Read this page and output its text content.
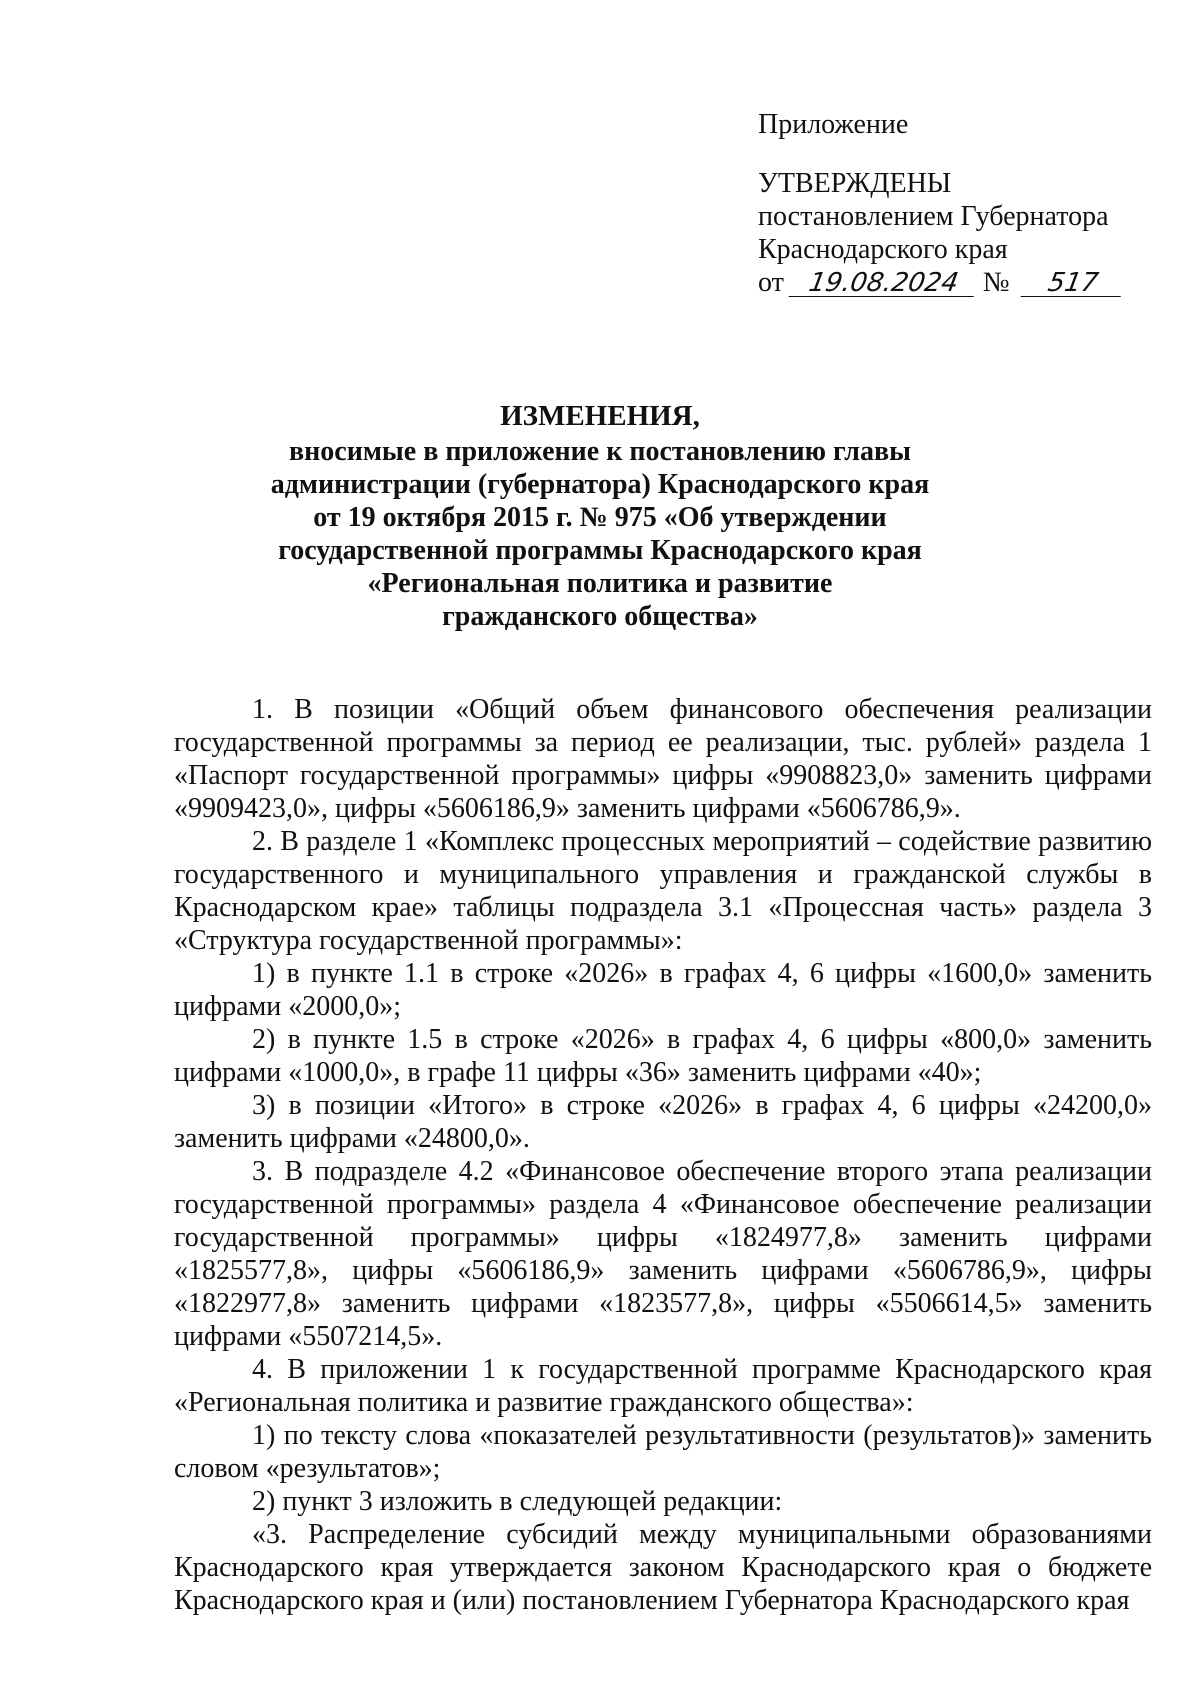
Приложение
УТВЕРЖДЕНЫ
постановлением Губернатора
Краснодарского края
от 19.08.2024 № 517
ИЗМЕНЕНИЯ,
вносимые в приложение к постановлению главы
администрации (губернатора) Краснодарского края
от 19 октября 2015 г. № 975 «Об утверждении
государственной программы Краснодарского края
«Региональная политика и развитие
гражданского общества»

1. В позиции «Общий объем финансового обеспечения реализации государственной программы за период ее реализации, тыс. рублей» раздела 1 «Паспорт государственной программы» цифры «9908823,0» заменить цифрами «9909423,0», цифры «5606186,9» заменить цифрами «5606786,9».

2. В разделе 1 «Комплекс процессных мероприятий – содействие развитию государственного и муниципального управления и гражданской службы в Краснодарском крае» таблицы подраздела 3.1 «Процессная часть» раздела 3 «Структура государственной программы»:

1) в пункте 1.1 в строке «2026» в графах 4, 6 цифры «1600,0» заменить цифрами «2000,0»;

2) в пункте 1.5 в строке «2026» в графах 4, 6 цифры «800,0» заменить цифрами «1000,0», в графе 11 цифры «36» заменить цифрами «40»;

3) в позиции «Итого» в строке «2026» в графах 4, 6 цифры «24200,0» заменить цифрами «24800,0».

3. В подразделе 4.2 «Финансовое обеспечение второго этапа реализации государственной программы» раздела 4 «Финансовое обеспечение реализации государственной программы» цифры «1824977,8» заменить цифрами «1825577,8», цифры «5606186,9» заменить цифрами «5606786,9», цифры «1822977,8» заменить цифрами «1823577,8», цифры «5506614,5» заменить цифрами «5507214,5».

4. В приложении 1 к государственной программе Краснодарского края «Региональная политика и развитие гражданского общества»:

1) по тексту слова «показателей результативности (результатов)» заменить словом «результатов»;

2) пункт 3 изложить в следующей редакции:

«3. Распределение субсидий между муниципальными образованиями Краснодарского края утверждается законом Краснодарского края о бюджете Краснодарского края и (или) постановлением Губернатора Краснодарского края
